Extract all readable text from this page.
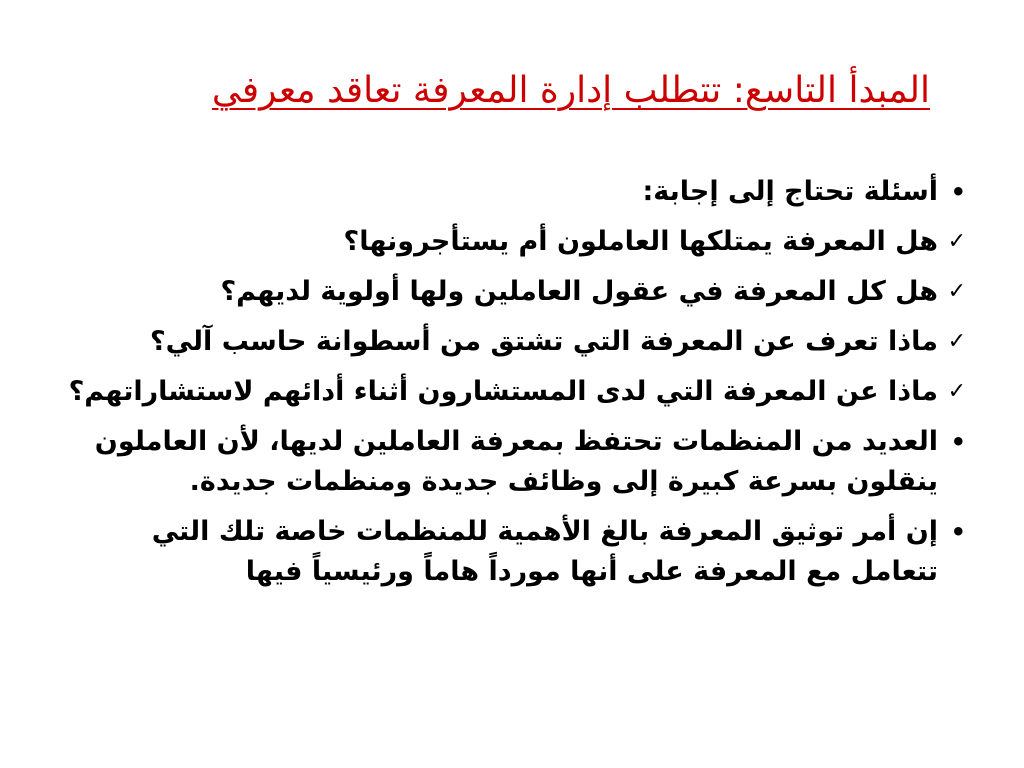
المبدأ التاسع: تتطلب إدارة المعرفة تعاقد معرفي
•
أسئلة تحتاج إلى إجابة:
✓
هل المعرفة يمتلكها العاملون أم يستأجرونها؟
✓
هل كل المعرفة في عقول العاملين ولها أولوية لديهم؟
✓
ماذا تعرف عن المعرفة التي تشتق من أسطوانة حاسب آلي؟
✓
ماذا عن المعرفة التي لدى المستشارون أثناء أدائهم لاستشاراتهم؟
•
العديد من المنظمات تحتفظ بمعرفة العاملين لديها، لأن العاملون ينقلون بسرعة كبيرة إلى وظائف جديدة ومنظمات جديدة.
•
إن أمر توثيق المعرفة بالغ الأهمية للمنظمات خاصة تلك التي تتعامل مع المعرفة على أنها مورداً هاماً ورئيسياً فيها
